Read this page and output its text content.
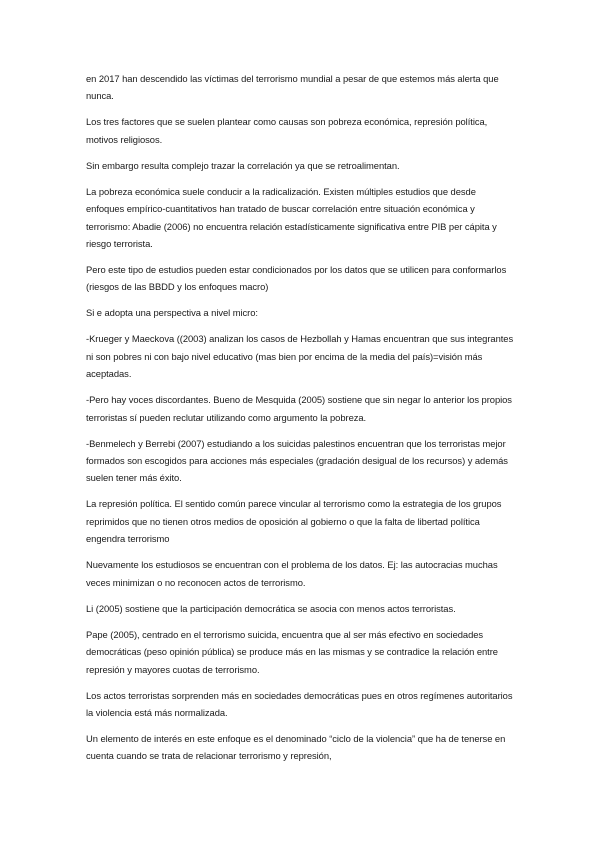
en 2017 han descendido las víctimas del terrorismo mundial a pesar de que estemos más alerta que nunca.

Los tres factores que se suelen plantear como causas son pobreza económica, represión política, motivos religiosos.

Sin embargo resulta complejo trazar la correlación ya que se retroalimentan.

La pobreza económica suele conducir a la radicalización. Existen múltiples estudios que desde enfoques empírico-cuantitativos han tratado de buscar correlación entre situación económica y terrorismo: Abadie (2006) no encuentra relación estadísticamente significativa entre PIB per cápita y riesgo terrorista.

Pero este tipo de estudios pueden estar condicionados por los datos que se utilicen para conformarlos (riesgos de las BBDD y los enfoques macro)

Si e adopta una perspectiva a nivel micro:

-Krueger y Maeckova ((2003) analizan los casos de Hezbollah y Hamas encuentran que sus integrantes ni son pobres ni con bajo nivel educativo (mas bien por encima de la media del país)=visión más aceptadas.

-Pero hay voces discordantes. Bueno de Mesquida (2005) sostiene que sin negar lo anterior los propios terroristas sí pueden reclutar utilizando como argumento la pobreza.

-Benmelech y Berrebi (2007) estudiando a los suicidas palestinos encuentran que los terroristas mejor formados son escogidos para acciones más especiales (gradación desigual de los recursos) y además suelen tener más éxito.

La represión política. El sentido común parece vincular al terrorismo como la estrategia de los grupos reprimidos que no tienen otros medios de oposición al gobierno o que la falta de libertad política engendra terrorismo

Nuevamente los estudiosos se encuentran con el problema de los datos. Ej: las autocracias muchas veces minimizan o no reconocen actos de terrorismo.

Li (2005) sostiene que la participación democrática se asocia con menos actos terroristas.

Pape (2005), centrado en el terrorismo suicida, encuentra que al ser más efectivo en sociedades democráticas (peso opinión pública) se produce más en las mismas y se contradice la relación entre represión y mayores cuotas de terrorismo.

Los actos terroristas sorprenden más en sociedades democráticas pues en otros regímenes autoritarios la violencia está más normalizada.

Un elemento de interés en este enfoque es el denominado “ciclo de la violencia” que ha de tenerse en cuenta cuando se trata de relacionar terrorismo y represión,
